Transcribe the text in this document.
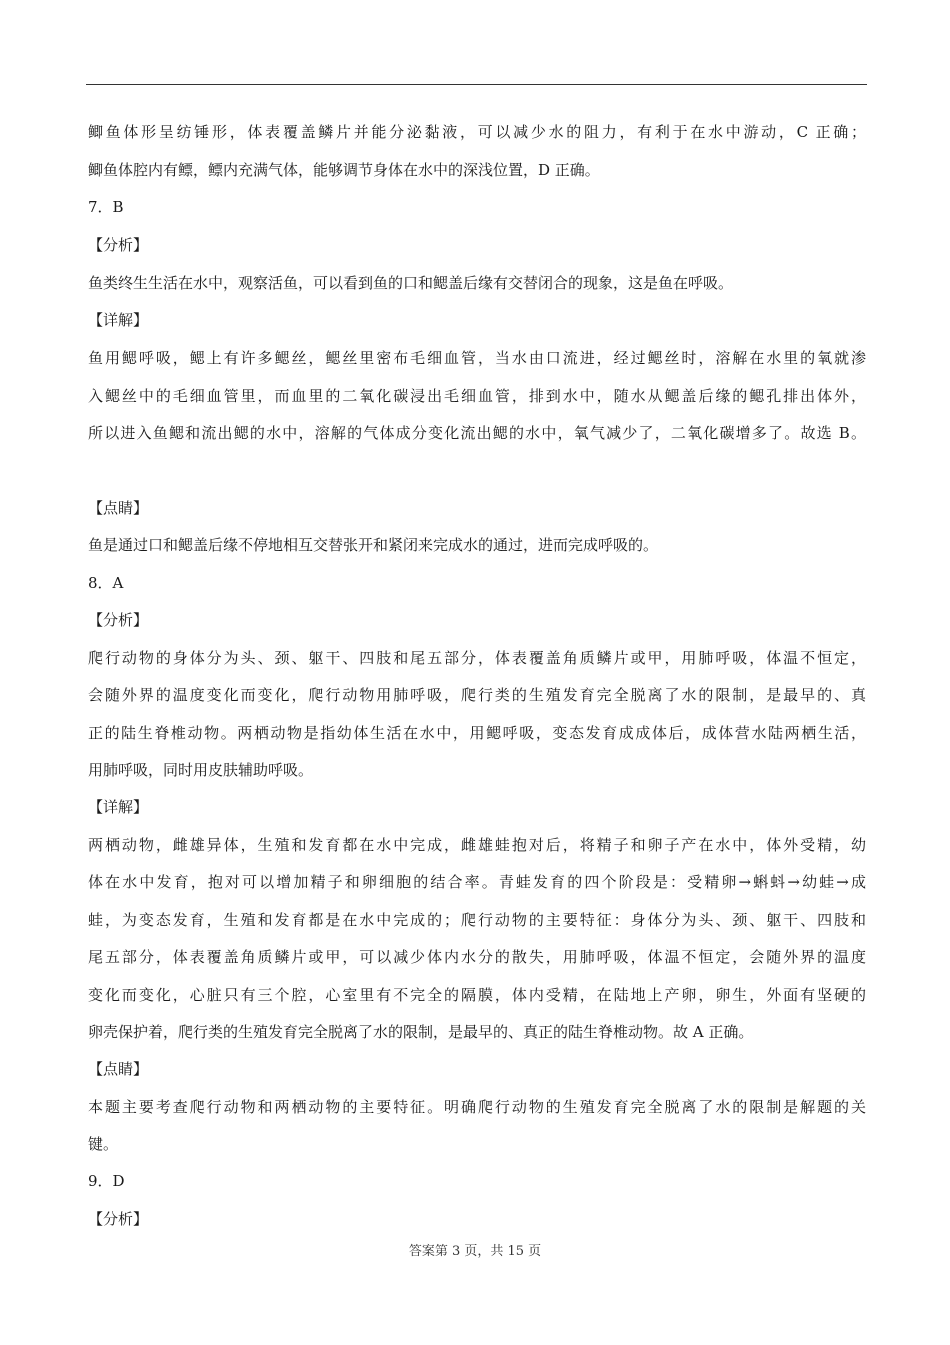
鲫鱼体形呈纺锤形，体表覆盖鳞片并能分泌黏液，可以减少水的阻力，有利于在水中游动，C 正确；
鲫鱼体腔内有鳔，鳔内充满气体，能够调节身体在水中的深浅位置，D 正确。
7．B
【分析】
鱼类终生生活在水中，观察活鱼，可以看到鱼的口和鳃盖后缘有交替闭合的现象，这是鱼在呼吸。
【详解】
鱼用鳃呼吸，鳃上有许多鳃丝，鳃丝里密布毛细血管，当水由口流进，经过鳃丝时，溶解在水里的氧就渗
入鳃丝中的毛细血管里，而血里的二氧化碳浸出毛细血管，排到水中，随水从鳃盖后缘的鳃孔排出体外，
所以进入鱼鳃和流出鳃的水中，溶解的气体成分变化流出鳃的水中，氧气减少了，二氧化碳增多了。故选 B。
【点睛】
鱼是通过口和鳃盖后缘不停地相互交替张开和紧闭来完成水的通过，进而完成呼吸的。
8．A
【分析】
爬行动物的身体分为头、颈、躯干、四肢和尾五部分，体表覆盖角质鳞片或甲，用肺呼吸，体温不恒定，
会随外界的温度变化而变化，爬行动物用肺呼吸，爬行类的生殖发育完全脱离了水的限制，是最早的、真
正的陆生脊椎动物。两栖动物是指幼体生活在水中，用鳃呼吸，变态发育成成体后，成体营水陆两栖生活，
用肺呼吸，同时用皮肤辅助呼吸。
【详解】
两栖动物，雌雄异体，生殖和发育都在水中完成，雌雄蛙抱对后，将精子和卵子产在水中，体外受精，幼
体在水中发育，抱对可以增加精子和卵细胞的结合率。青蛙发育的四个阶段是：受精卵→蝌蚪→幼蛙→成
蛙，为变态发育，生殖和发育都是在水中完成的；爬行动物的主要特征：身体分为头、颈、躯干、四肢和
尾五部分，体表覆盖角质鳞片或甲，可以减少体内水分的散失，用肺呼吸，体温不恒定，会随外界的温度
变化而变化，心脏只有三个腔，心室里有不完全的隔膜，体内受精，在陆地上产卵，卵生，外面有坚硬的
卵壳保护着，爬行类的生殖发育完全脱离了水的限制，是最早的、真正的陆生脊椎动物。故 A 正确。
【点睛】
本题主要考查爬行动物和两栖动物的主要特征。明确爬行动物的生殖发育完全脱离了水的限制是解题的关
键。
9．D
【分析】
答案第 3 页，共 15 页
